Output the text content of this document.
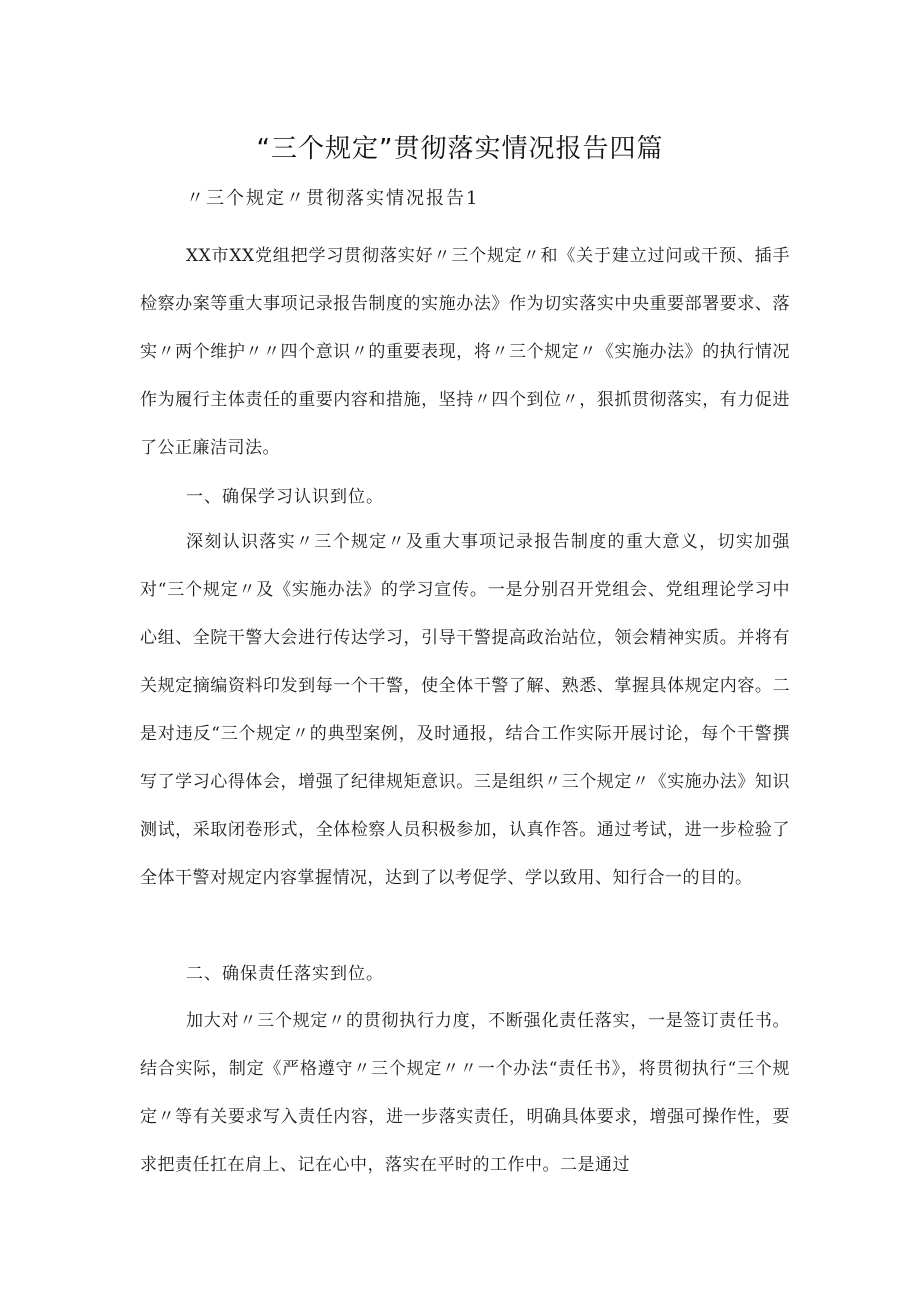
“三个规定”贯彻落实情况报告四篇
〃三个规定〃贯彻落实情况报告1

XX市XX党组把学习贯彻落实好〃三个规定〃和《关于建立过问或干预、插手检察办案等重大事项记录报告制度的实施办法》作为切实落实中央重要部署要求、落实〃两个维护〃〃四个意识〃的重要表现，将〃三个规定〃《实施办法》的执行情况作为履行主体责任的重要内容和措施，坚持〃四个到位〃，狠抓贯彻落实，有力促进了公正廉洁司法。

一、确保学习认识到位。

深刻认识落实〃三个规定〃及重大事项记录报告制度的重大意义，切实加强对“三个规定〃及《实施办法》的学习宣传。一是分别召开党组会、党组理论学习中心组、全院干警大会进行传达学习，引导干警提高政治站位，领会精神实质。并将有关规定摘编资料印发到每一个干警，使全体干警了解、熟悉、掌握具体规定内容。二是对违反“三个规定〃的典型案例，及时通报，结合工作实际开展讨论，每个干警撰写了学习心得体会，增强了纪律规矩意识。三是组织〃三个规定〃《实施办法》知识测试，采取闭卷形式，全体检察人员积极参加，认真作答。通过考试，进一步检验了全体干警对规定内容掌握情况，达到了以考促学、学以致用、知行合一的目的。

二、确保责任落实到位。

加大对〃三个规定〃的贯彻执行力度，不断强化责任落实，一是签订责任书。结合实际，制定《严格遵守〃三个规定〃〃一个办法“责任书》，将贯彻执行“三个规定〃等有关要求写入责任内容，进一步落实责任，明确具体要求，增强可操作性，要求把责任扛在肩上、记在心中，落实在平时的工作中。二是通过
